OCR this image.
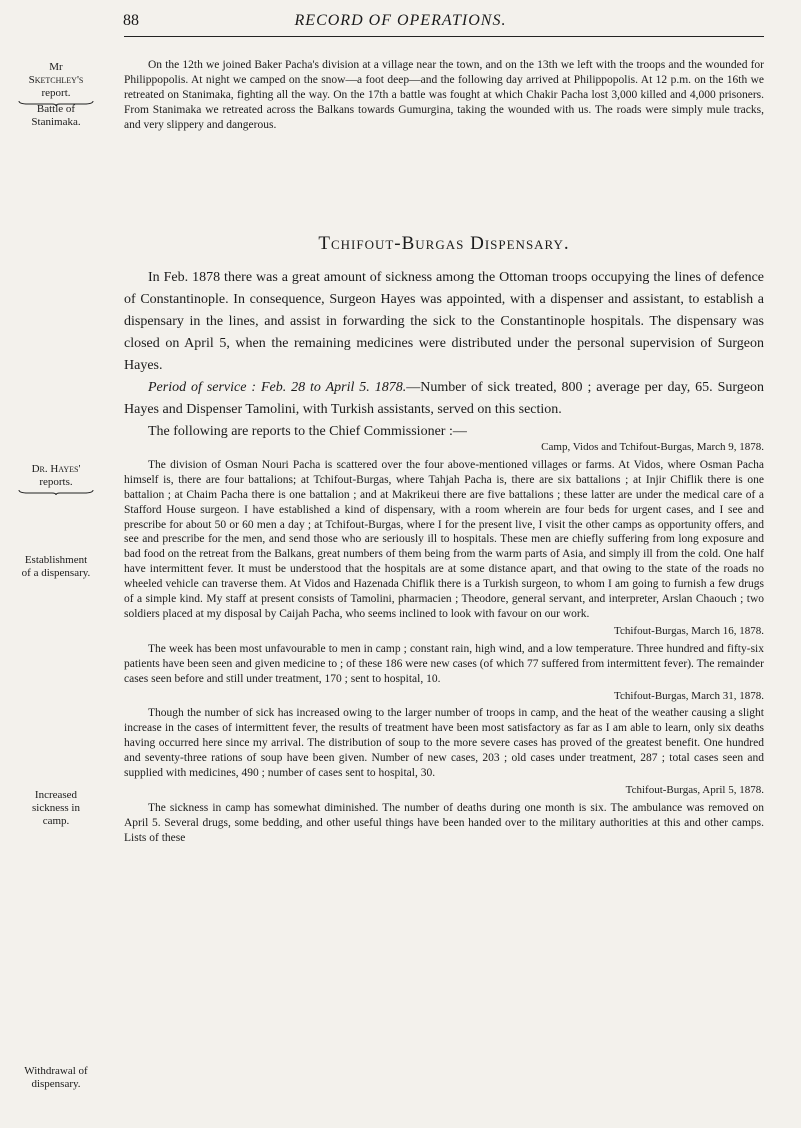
88	RECORD OF OPERATIONS.
Mr
Sketchley's
report.
Battle of
Stanimaka.
Dr. Hayes'
reports.
Establishment
of a dispensary.
Increased
sickness in
camp.
Withdrawal of
dispensary.

On the 12th we joined Baker Pacha's division at a village near the town, and on the 13th we left with the troops and the wounded for Philippopolis. At night we camped on the snow—a foot deep—and the following day arrived at Philippopolis. At 12 p.m. on the 16th we retreated on Stanimaka, fighting all the way. On the 17th a battle was fought at which Chakir Pacha lost 3,000 killed and 4,000 prisoners. From Stanimaka we retreated across the Balkans towards Gumurgina, taking the wounded with us. The roads were simply mule tracks, and very slippery and dangerous.

Tchifout-Burgas Dispensary.

In Feb. 1878 there was a great amount of sickness among the Ottoman troops occupying the lines of defence of Constantinople. In consequence, Surgeon Hayes was appointed, with a dispenser and assistant, to establish a dispensary in the lines, and assist in forwarding the sick to the Constantinople hospitals. The dispensary was closed on April 5, when the remaining medicines were distributed under the personal supervision of Surgeon Hayes.

Period of service : Feb. 28 to April 5. 1878.—Number of sick treated, 800 ; average per day, 65. Surgeon Hayes and Dispenser Tamolini, with Turkish assistants, served on this section.

The following are reports to the Chief Commissioner :—

Camp, Vidos and Tchifout-Burgas, March 9, 1878.

The division of Osman Nouri Pacha is scattered over the four above-mentioned villages or farms. At Vidos, where Osman Pacha himself is, there are four battalions; at Tchifout-Burgas, where Tahjah Pacha is, there are six battalions ; at Injir Chiflik there is one battalion ; at Chaim Pacha there is one battalion ; and at Makrikeui there are five battalions ; these latter are under the medical care of a Stafford House surgeon. I have established a kind of dispensary, with a room wherein are four beds for urgent cases, and I see and prescribe for about 50 or 60 men a day ; at Tchifout-Burgas, where I for the present live, I visit the other camps as opportunity offers, and see and prescribe for the men, and send those who are seriously ill to hospitals. These men are chiefly suffering from long exposure and bad food on the retreat from the Balkans, great numbers of them being from the warm parts of Asia, and simply ill from the cold. One half have intermittent fever. It must be understood that the hospitals are at some distance apart, and that owing to the state of the roads no wheeled vehicle can traverse them. At Vidos and Hazenada Chiflik there is a Turkish surgeon, to whom I am going to furnish a few drugs of a simple kind. My staff at present consists of Tamolini, pharmacien ; Theodore, general servant, and interpreter, Arslan Chaouch ; two soldiers placed at my disposal by Caijah Pacha, who seems inclined to look with favour on our work.

Tchifout-Burgas, March 16, 1878.

The week has been most unfavourable to men in camp ; constant rain, high wind, and a low temperature. Three hundred and fifty-six patients have been seen and given medicine to ; of these 186 were new cases (of which 77 suffered from intermittent fever). The remainder cases seen before and still under treatment, 170 ; sent to hospital, 10.

Tchifout-Burgas, March 31, 1878.

Though the number of sick has increased owing to the larger number of troops in camp, and the heat of the weather causing a slight increase in the cases of intermittent fever, the results of treatment have been most satisfactory as far as I am able to learn, only six deaths having occurred here since my arrival. The distribution of soup to the more severe cases has proved of the greatest benefit. One hundred and seventy-three rations of soup have been given. Number of new cases, 203 ; old cases under treatment, 287 ; total cases seen and supplied with medicines, 490 ; number of cases sent to hospital, 30.

Tchifout-Burgas, April 5, 1878.

The sickness in camp has somewhat diminished. The number of deaths during one month is six. The ambulance was removed on April 5. Several drugs, some bedding, and other useful things have been handed over to the military authorities at this and other camps. Lists of these
